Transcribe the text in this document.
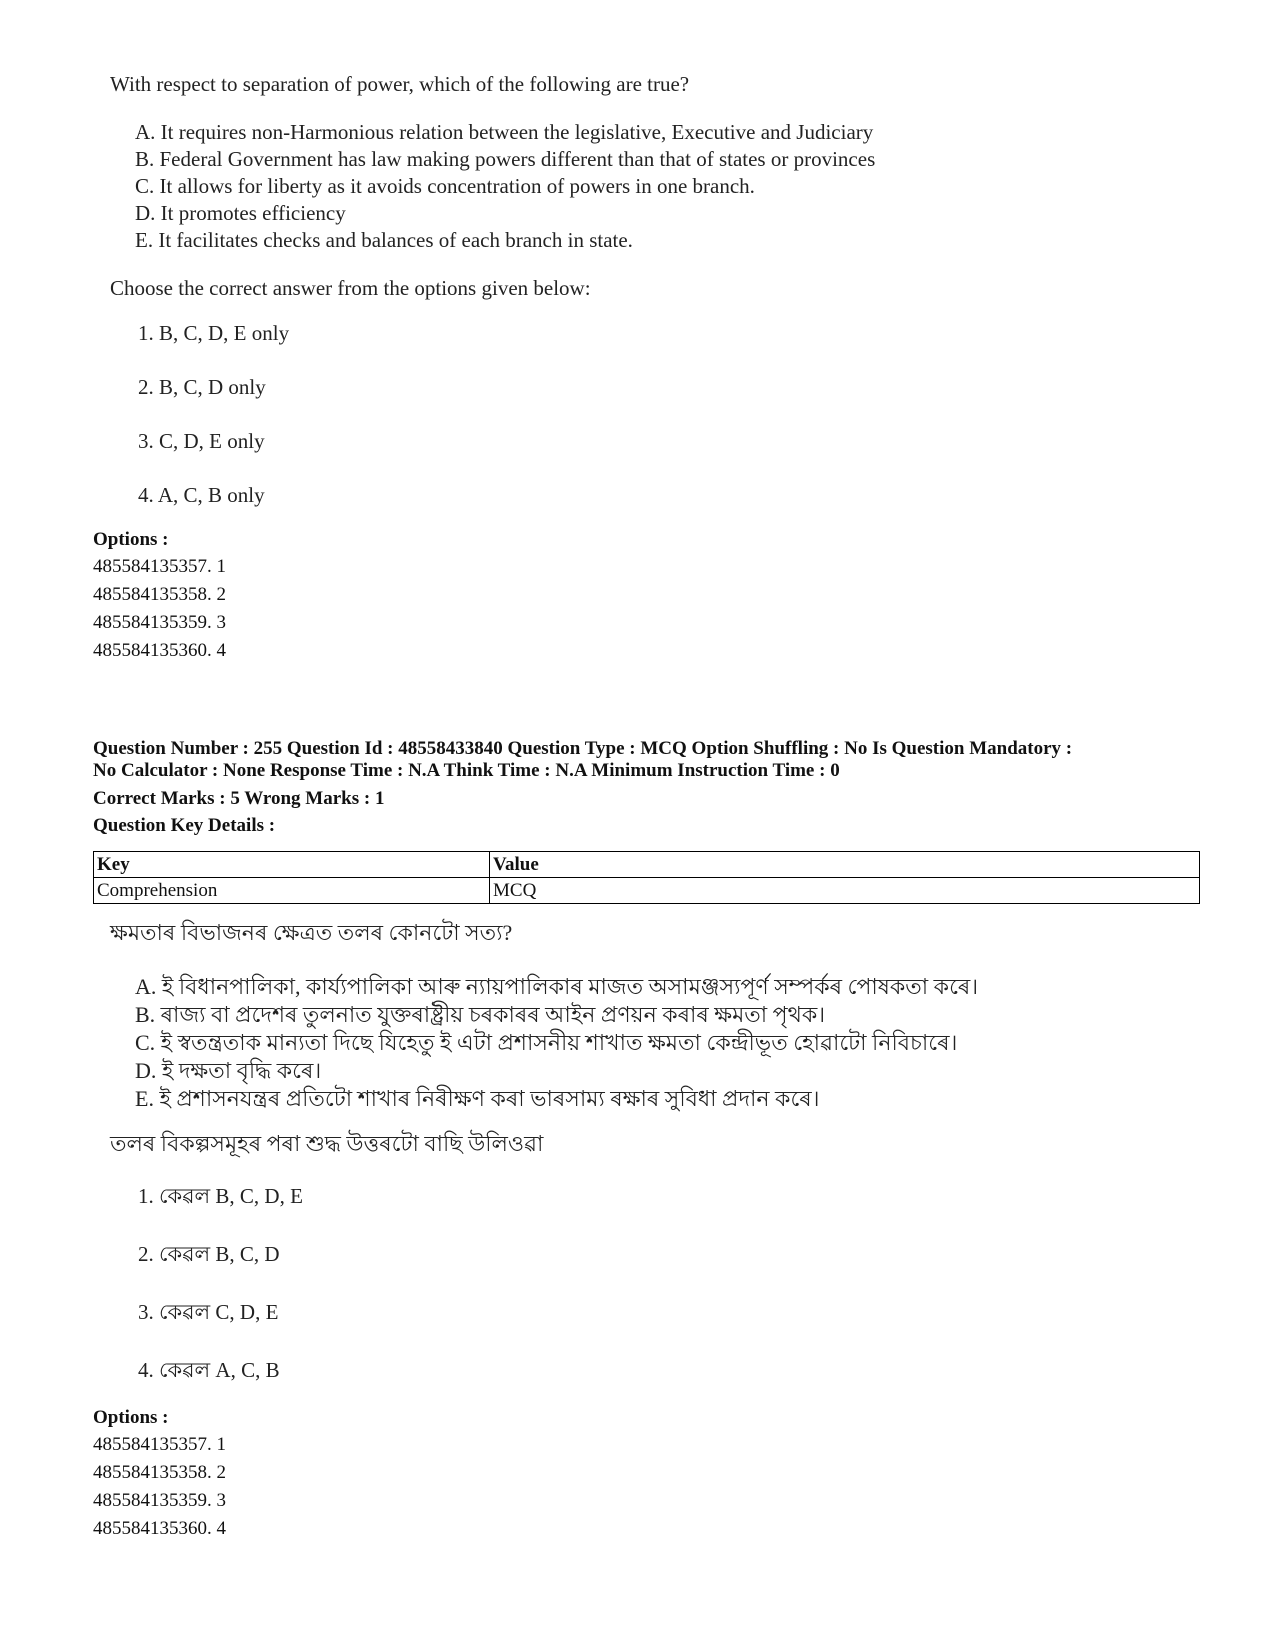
With respect to separation of power, which of the following are true?

A. It requires non-Harmonious relation between the legislative, Executive and Judiciary
B. Federal Government has law making powers different than that of states or provinces
C. It allows for liberty as it avoids concentration of powers in one branch.
D. It promotes efficiency
E. It facilitates checks and balances of each branch in state.

Choose the correct answer from the options given below:

1. B, C, D, E only
2. B, C, D only
3. C, D, E only
4. A, C, B only

Options :

485584135357. 1
485584135358. 2
485584135359. 3
485584135360. 4

Question Number : 255 Question Id : 48558433840 Question Type : MCQ Option Shuffling : No Is Question Mandatory :

No Calculator : None Response Time : N.A Think Time : N.A Minimum Instruction Time : 0

Correct Marks : 5 Wrong Marks : 1

Question Key Details :

Key	Value
Comprehension	MCQ

ক্ষমতাৰ বিভাজনৰ ক্ষেত্ৰত তলৰ কোনটো সত্য?

A. ই বিধানপালিকা, কাৰ্য্যপালিকা আৰু ন্যায়পালিকাৰ মাজত অসামঞ্জস্যপূৰ্ণ সম্পৰ্কৰ পোষকতা কৰে।
B. ৰাজ্য বা প্ৰদেশৰ তুলনাত যুক্তৰাষ্ট্ৰীয় চৰকাৰৰ আইন প্ৰণয়ন কৰাৰ ক্ষমতা পৃথক।
C. ই স্বতন্ত্ৰতাক মান্যতা দিছে যিহেতু ই এটা প্ৰশাসনীয় শাখাত ক্ষমতা কেন্দ্ৰীভূত হোৱাটো নিবিচাৰে।
D. ই দক্ষতা বৃদ্ধি কৰে।
E. ই প্ৰশাসনযন্ত্ৰৰ প্ৰতিটো শাখাৰ নিৰীক্ষণ কৰা ভাৰসাম্য ৰক্ষাৰ সুবিধা প্ৰদান কৰে।

তলৰ বিকল্পসমূহৰ পৰা শুদ্ধ উত্তৰটো বাছি উলিওৱা

1. কেৱল B, C, D, E
2. কেৱল B, C, D
3. কেৱল C, D, E
4. কেৱল A, C, B

Options :

485584135357. 1
485584135358. 2
485584135359. 3
485584135360. 4
